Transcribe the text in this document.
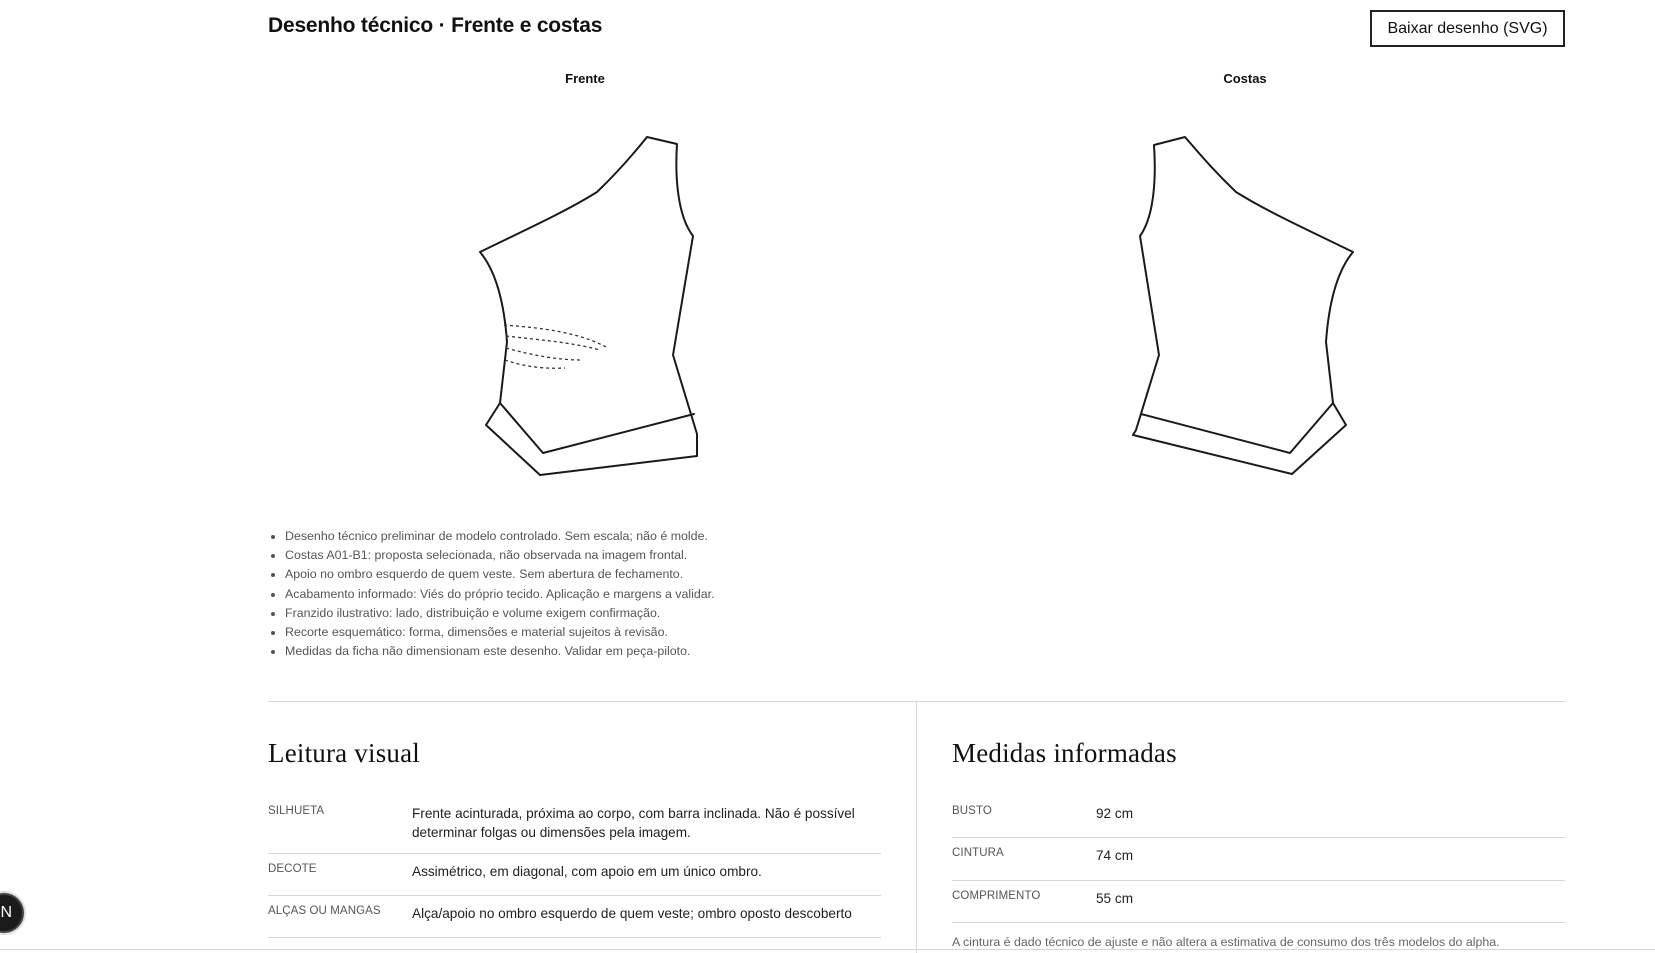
Desenho técnico · Frente e costas	Baixar desenho (SVG)
Frente	Costas
Desenho técnico preliminar de modelo controlado. Sem escala; não é molde.
Costas A01-B1: proposta selecionada, não observada na imagem frontal.
Apoio no ombro esquerdo de quem veste. Sem abertura de fechamento.
Acabamento informado: Viés do próprio tecido. Aplicação e margens a validar.
Franzido ilustrativo: lado, distribuição e volume exigem confirmação.
Recorte esquemático: forma, dimensões e material sujeitos à revisão.
Medidas da ficha não dimensionam este desenho. Validar em peça-piloto.
Leitura visual
SILHUETA	Frente acinturada, próxima ao corpo, com barra inclinada. Não é possível determinar folgas ou dimensões pela imagem.
DECOTE	Assimétrico, em diagonal, com apoio em um único ombro.
ALÇAS OU MANGAS	Alça/apoio no ombro esquerdo de quem veste; ombro oposto descoberto
Medidas informadas
BUSTO	92 cm
CINTURA	74 cm
COMPRIMENTO	55 cm
A cintura é dado técnico de ajuste e não altera a estimativa de consumo dos três modelos do alpha.
N
